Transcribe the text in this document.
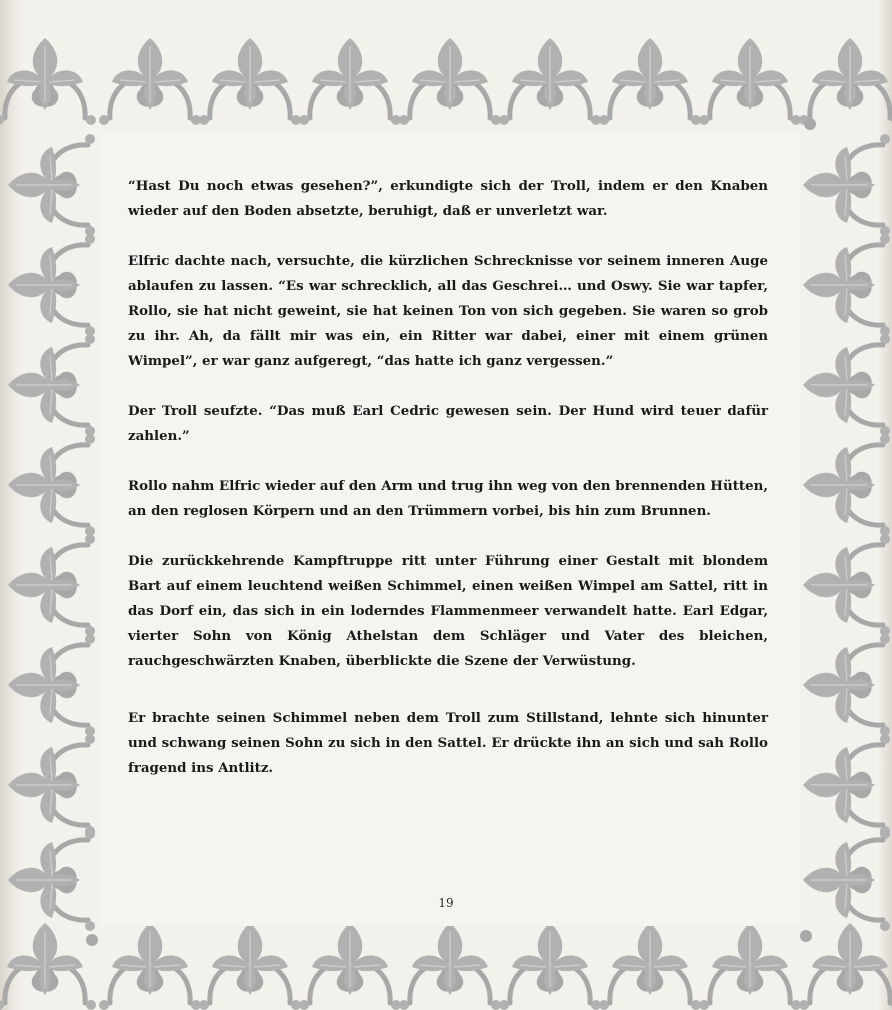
“Hast Du noch etwas gesehen?”, erkundigte sich der Troll, indem er den Knaben wieder auf den Boden absetzte, beruhigt, daß er unverletzt war.

Elfric dachte nach, versuchte, die kürzlichen Schrecknisse vor seinem inneren Auge ablaufen zu lassen. “Es war schrecklich, all das Geschrei… und Oswy. Sie war tapfer, Rollo, sie hat nicht geweint, sie hat keinen Ton von sich gegeben. Sie waren so grob zu ihr. Ah, da fällt mir was ein, ein Ritter war dabei, einer mit einem grünen Wimpel”, er war ganz aufgeregt, “das hatte ich ganz vergessen.”

Der Troll seufzte. “Das muß Earl Cedric gewesen sein. Der Hund wird teuer dafür zahlen.”

Rollo nahm Elfric wieder auf den Arm und trug ihn weg von den brennenden Hütten, an den reglosen Körpern und an den Trümmern vorbei, bis hin zum Brunnen.

Die zurückkehrende Kampftruppe ritt unter Führung einer Gestalt mit blondem Bart auf einem leuchtend weißen Schimmel, einen weißen Wimpel am Sattel, ritt in das Dorf ein, das sich in ein loderndes Flammenmeer verwandelt hatte. Earl Edgar, vierter Sohn von König Athelstan dem Schläger und Vater des bleichen, rauchgeschwärzten Knaben, überblickte die Szene der Verwüstung.

Er brachte seinen Schimmel neben dem Troll zum Stillstand, lehnte sich hinunter und schwang seinen Sohn zu sich in den Sattel. Er drückte ihn an sich und sah Rollo fragend ins Antlitz.

19
